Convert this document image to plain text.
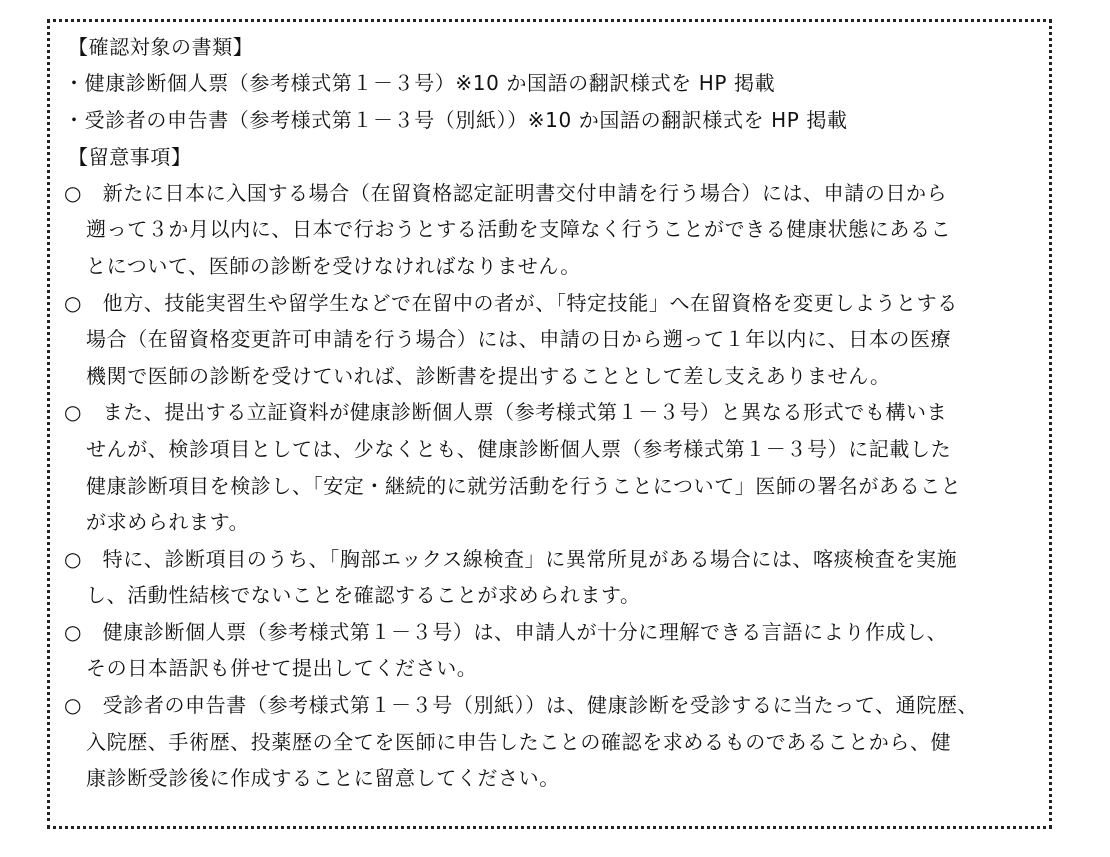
【確認対象の書類】
・健康診断個人票（参考様式第１－３号）※10 か国語の翻訳様式を HP 掲載
・受診者の申告書（参考様式第１－３号（別紙））※10 か国語の翻訳様式を HP 掲載
【留意事項】
○　新たに日本に入国する場合（在留資格認定証明書交付申請を行う場合）には、申請の日から
遡って３か月以内に、日本で行おうとする活動を支障なく行うことができる健康状態にあるこ
とについて、医師の診断を受けなければなりません。
○　他方、技能実習生や留学生などで在留中の者が、「特定技能」へ在留資格を変更しようとする
場合（在留資格変更許可申請を行う場合）には、申請の日から遡って１年以内に、日本の医療
機関で医師の診断を受けていれば、診断書を提出することとして差し支えありません。
○　また、提出する立証資料が健康診断個人票（参考様式第１－３号）と異なる形式でも構いま
せんが、検診項目としては、少なくとも、健康診断個人票（参考様式第１－３号）に記載した
健康診断項目を検診し、「安定・継続的に就労活動を行うことについて」医師の署名があること
が求められます。
○　特に、診断項目のうち、「胸部エックス線検査」に異常所見がある場合には、喀痰検査を実施
し、活動性結核でないことを確認することが求められます。
○　健康診断個人票（参考様式第１－３号）は、申請人が十分に理解できる言語により作成し、
その日本語訳も併せて提出してください。
○　受診者の申告書（参考様式第１－３号（別紙））は、健康診断を受診するに当たって、通院歴、
入院歴、手術歴、投薬歴の全てを医師に申告したことの確認を求めるものであることから、健
康診断受診後に作成することに留意してください。
